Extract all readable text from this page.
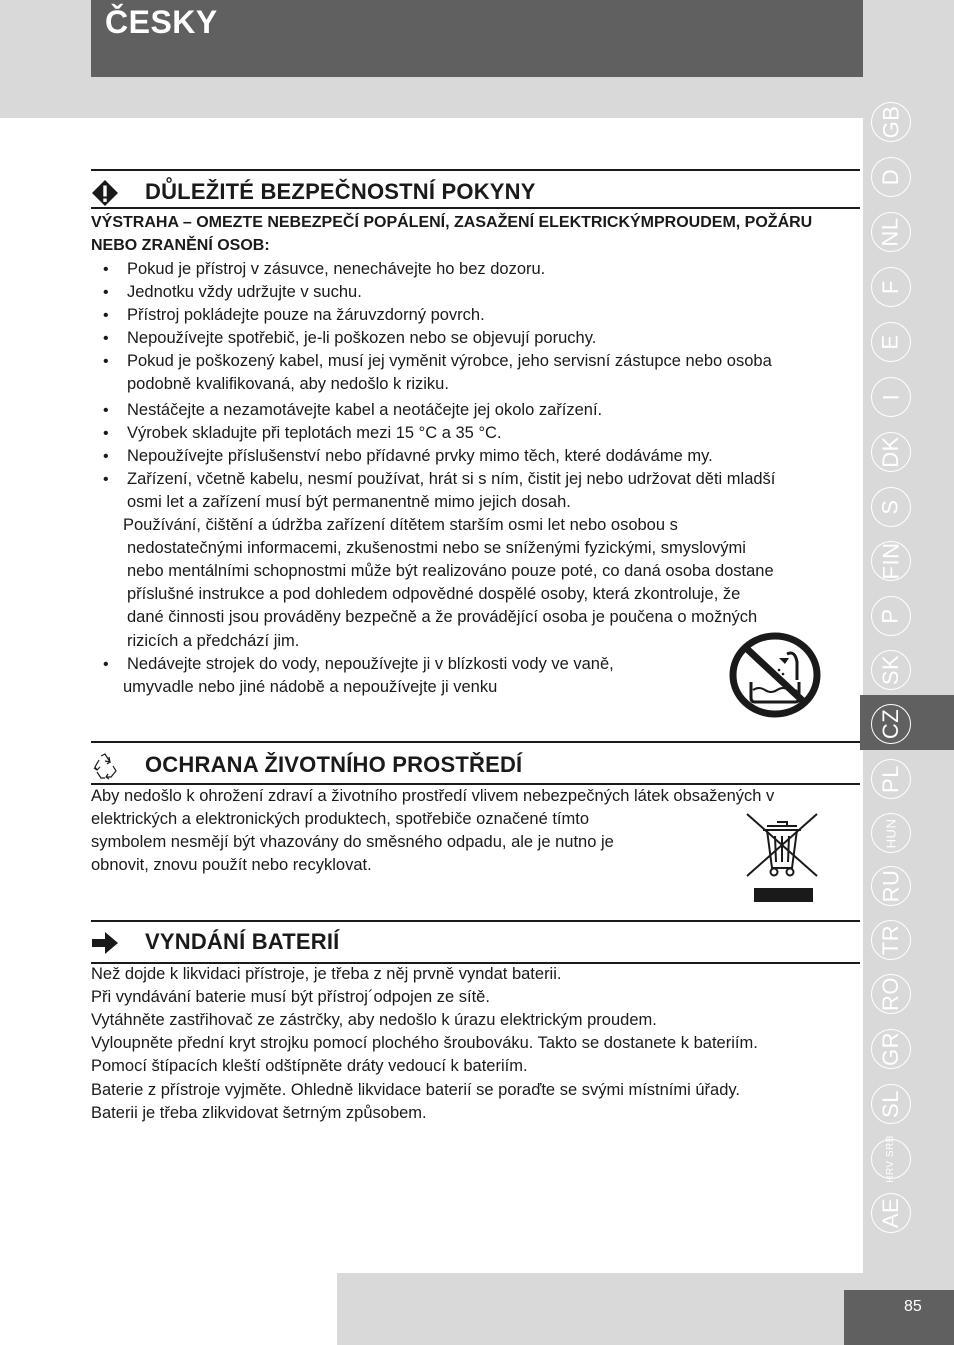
ČESKY
GB
D
NL
F
E
I
DK
S
FIN
P
SK
CZ
PL
HUN
RU
TR
RO
GR
SL
HRV SRB
AE
85
DŮLEŽITÉ BEZPEČNOSTNÍ POKYNY
VÝSTRAHA – OMEZTE NEBEZPEČÍ POPÁLENÍ, ZASAŽENÍ ELEKTRICKÝMPROUDEM, POŽÁRU
NEBO ZRANĚNÍ OSOB:
• Pokud je přístroj v zásuvce, nenechávejte ho bez dozoru.
• Jednotku vždy udržujte v suchu.
• Přístroj pokládejte pouze na žáruvzdorný povrch.
• Nepoužívejte spotřebič, je-li poškozen nebo se objevují poruchy.
• Pokud je poškozený kabel, musí jej vyměnit výrobce, jeho servisní zástupce nebo osoba
podobně kvalifikovaná, aby nedošlo k riziku.
• Nestáčejte a nezamotávejte kabel a neotáčejte jej okolo zařízení.
• Výrobek skladujte při teplotách mezi 15 °C a 35 °C.
• Nepoužívejte příslušenství nebo přídavné prvky mimo těch, které dodáváme my.
• Zařízení, včetně kabelu, nesmí používat, hrát si s ním, čistit jej nebo udržovat děti mladší
osmi let a zařízení musí být permanentně mimo jejich dosah.
Používání, čištění a údržba zařízení dítětem starším osmi let nebo osobou s
nedostatečnými informacemi, zkušenostmi nebo se sníženými fyzickými, smyslovými
nebo mentálními schopnostmi může být realizováno pouze poté, co daná osoba dostane
příslušné instrukce a pod dohledem odpovědné dospělé osoby, která zkontroluje, že
dané činnosti jsou prováděny bezpečně a že provádějící osoba je poučena o možných
rizicích a předchází jim.
• Nedávejte strojek do vody, nepoužívejte ji v blízkosti vody ve vaně,
umyvadle nebo jiné nádobě a nepoužívejte ji venku
OCHRANA ŽIVOTNÍHO PROSTŘEDÍ
Aby nedošlo k ohrožení zdraví a životního prostředí vlivem nebezpečných látek obsažených v
elektrických a elektronických produktech, spotřebiče označené tímto
symbolem nesmějí být vhazovány do směsného odpadu, ale je nutno je
obnovit, znovu použít nebo recyklovat.
VYNDÁNÍ BATERIÍ
Než dojde k likvidaci přístroje, je třeba z něj prvně vyndat baterii.
Při vyndávání baterie musí být přístroj´odpojen ze sítě.
Vytáhněte zastřihovač ze zástrčky, aby nedošlo k úrazu elektrickým proudem.
Vyloupněte přední kryt strojku pomocí plochého šroubováku. Takto se dostanete k bateriím.
Pomocí štípacích kleští odštípněte dráty vedoucí k bateriím.
Baterie z přístroje vyjměte. Ohledně likvidace baterií se poraďte se svými místními úřady.
Baterii je třeba zlikvidovat šetrným způsobem.
